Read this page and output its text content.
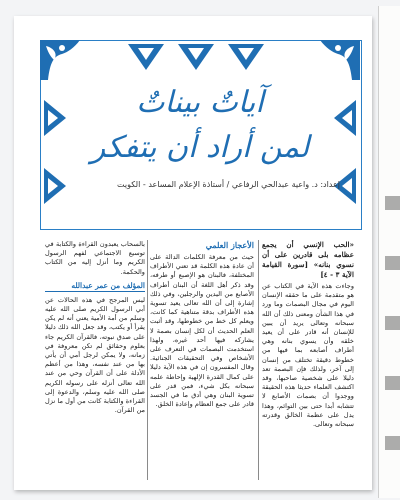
آياتٌ بيناتٌ
لمن أراد أن يتفكر
إعداد: د. واعية عبدالحي الرفاعي / أستاذة الإعلام المساعد - الكويت

«الحب الإنسي أن يجمع عظامه بلى قادرين على أن نسوي بنانه» [سورة القيامة الآية ٣ - ٤]

وجاءت هذه الآية في الكتاب عن هو متقدمة على ما حققه الإنسان اليوم في مجال البصمات وما ورد في هذا الشأن ومعنى ذلك أن الله سبحانه وتعالى يريد أن يبين للإنسان أنه قادر على أن يعيد خلقه وأن يسوي بنانه وهي أطراف أصابعه بما فيها من خطوط دقيقة تختلف من إنسان إلى آخر، ولذلك فإن البصمة تعد دليلا على شخصية صاحبها، وقد اكتشف العلماء حديثا هذه الحقيقة ووجدوا أن بصمات الأصابع لا تتشابه أبدا حتى بين التوائم، وهذا يدل على عظمة الخالق وقدرته سبحانه وتعالى.

الأعجاز العلمي

حيث من معرفة الكلمات الدالة على أن عادة هذه الكلمة قد تعني الأطراف المختلفة، فالبنان هو الإصبع أو طرفه، وقد ذكر أهل اللغة أن البنان أطراف الأصابع من اليدين والرجلين، وفي ذلك إشارة إلى أن الله تعالى يعيد تسوية هذه الأطراف بدقة متناهية كما كانت، ويعلم كل خط من خطوطها، وقد أثبت العلم الحديث أن لكل إنسان بصمة لا يشاركه فيها أحد غيره، ولهذا استخدمت البصمات في التعرف على الأشخاص وفي التحقيقات الجنائية. وقال المفسرون إن في هذه الآية دليلا على كمال القدرة الإلهية وإحاطة علمه سبحانه بكل شيء، فمن قدر على تسوية البنان وهي أدق ما في الجسد قادر على جمع العظام وإعادة الخلق.

بالسحاب يعبدون القراءة والكتابة في توسيع الاجتماعي لفهم الرسول الكريم وما أنزل إليه من الكتاب والحكمة.

المؤلف من عمر عبدالله

ليس المرجح في هذه الحالات عن أبي الرسول الكريم صلى الله عليه وسلم من أمة الأمية يعني أنه لم يكن يقرأ أو يكتب، وقد جعل الله ذلك دليلا على صدق نبوته، فالقرآن الكريم جاء بعلوم وحقائق لم تكن معروفة في زمانه، ولا يمكن لرجل أمي أن يأتي بها من عند نفسه، وهذا من أعظم الأدلة على أن القرآن وحي من عند الله تعالى أنزله على رسوله الكريم صلى الله عليه وسلم، والدعوة إلى القراءة والكتابة كانت من أول ما نزل من القرآن.
